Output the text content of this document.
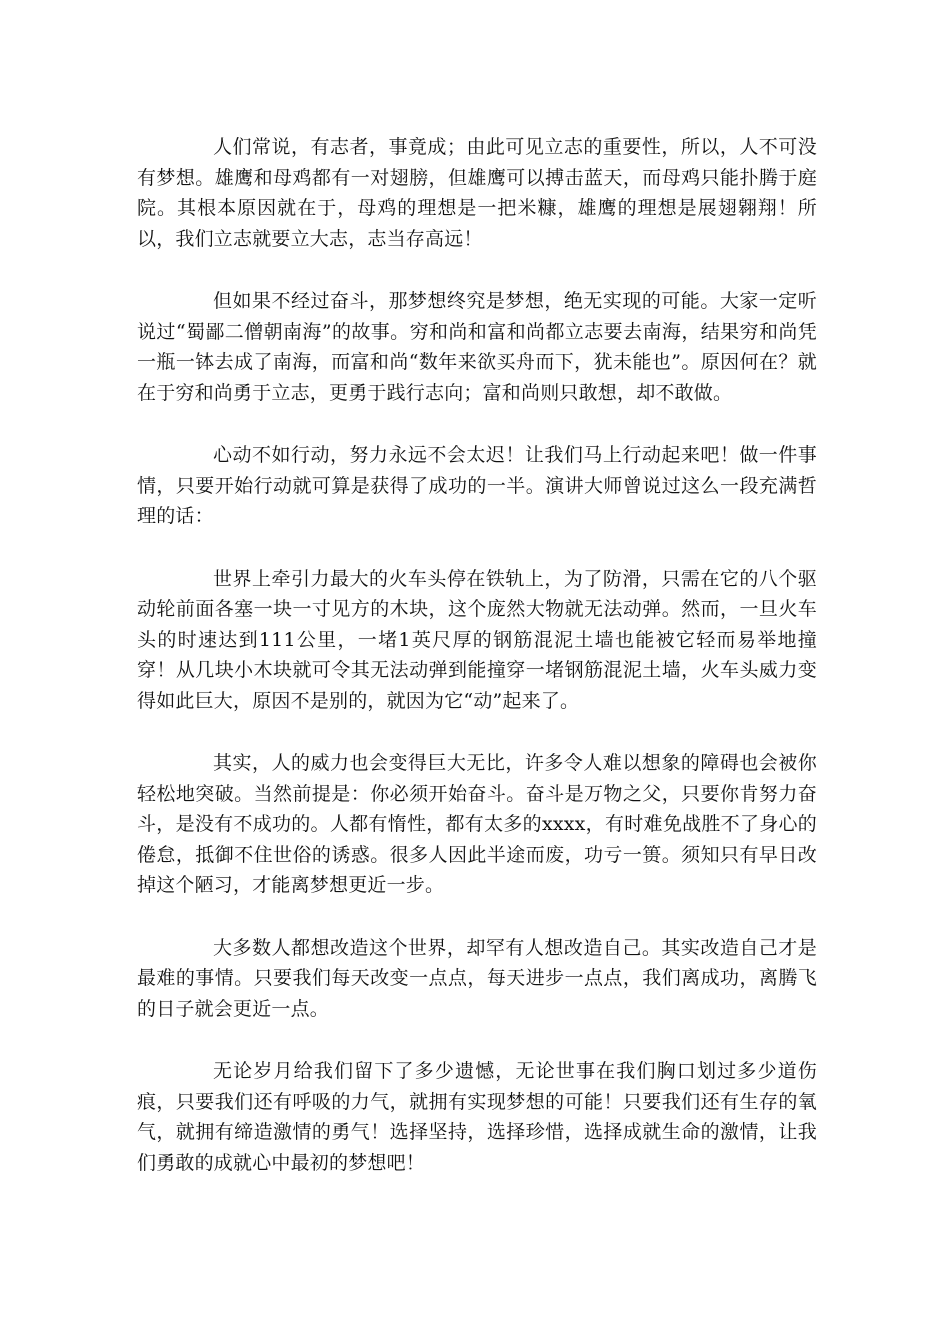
人们常说，有志者，事竟成；由此可见立志的重要性，所以，人不可没有梦想。雄鹰和母鸡都有一对翅膀，但雄鹰可以搏击蓝天，而母鸡只能扑腾于庭院。其根本原因就在于，母鸡的理想是一把米糠，雄鹰的理想是展翅翱翔！所以，我们立志就要立大志，志当存高远！

但如果不经过奋斗，那梦想终究是梦想，绝无实现的可能。大家一定听说过“蜀鄙二僧朝南海”的故事。穷和尚和富和尚都立志要去南海，结果穷和尚凭一瓶一钵去成了南海，而富和尚“数年来欲买舟而下，犹未能也”。原因何在？就在于穷和尚勇于立志，更勇于践行志向；富和尚则只敢想，却不敢做。

心动不如行动，努力永远不会太迟！让我们马上行动起来吧！做一件事情，只要开始行动就可算是获得了成功的一半。演讲大师曾说过这么一段充满哲理的话：

世界上牵引力最大的火车头停在铁轨上，为了防滑，只需在它的八个驱动轮前面各塞一块一寸见方的木块，这个庞然大物就无法动弹。然而，一旦火车头的时速达到111公里，一堵1英尺厚的钢筋混泥土墙也能被它轻而易举地撞穿！从几块小木块就可令其无法动弹到能撞穿一堵钢筋混泥土墙，火车头威力变得如此巨大，原因不是别的，就因为它“动”起来了。

其实，人的威力也会变得巨大无比，许多令人难以想象的障碍也会被你轻松地突破。当然前提是：你必须开始奋斗。奋斗是万物之父，只要你肯努力奋斗，是没有不成功的。人都有惰性，都有太多的xxxx，有时难免战胜不了身心的倦怠，抵御不住世俗的诱惑。很多人因此半途而废，功亏一篑。须知只有早日改掉这个陋习，才能离梦想更近一步。

大多数人都想改造这个世界，却罕有人想改造自己。其实改造自己才是最难的事情。只要我们每天改变一点点，每天进步一点点，我们离成功，离腾飞的日子就会更近一点。

无论岁月给我们留下了多少遗憾，无论世事在我们胸口划过多少道伤痕，只要我们还有呼吸的力气，就拥有实现梦想的可能！只要我们还有生存的氧气，就拥有缔造激情的勇气！选择坚持，选择珍惜，选择成就生命的激情，让我们勇敢的成就心中最初的梦想吧！
